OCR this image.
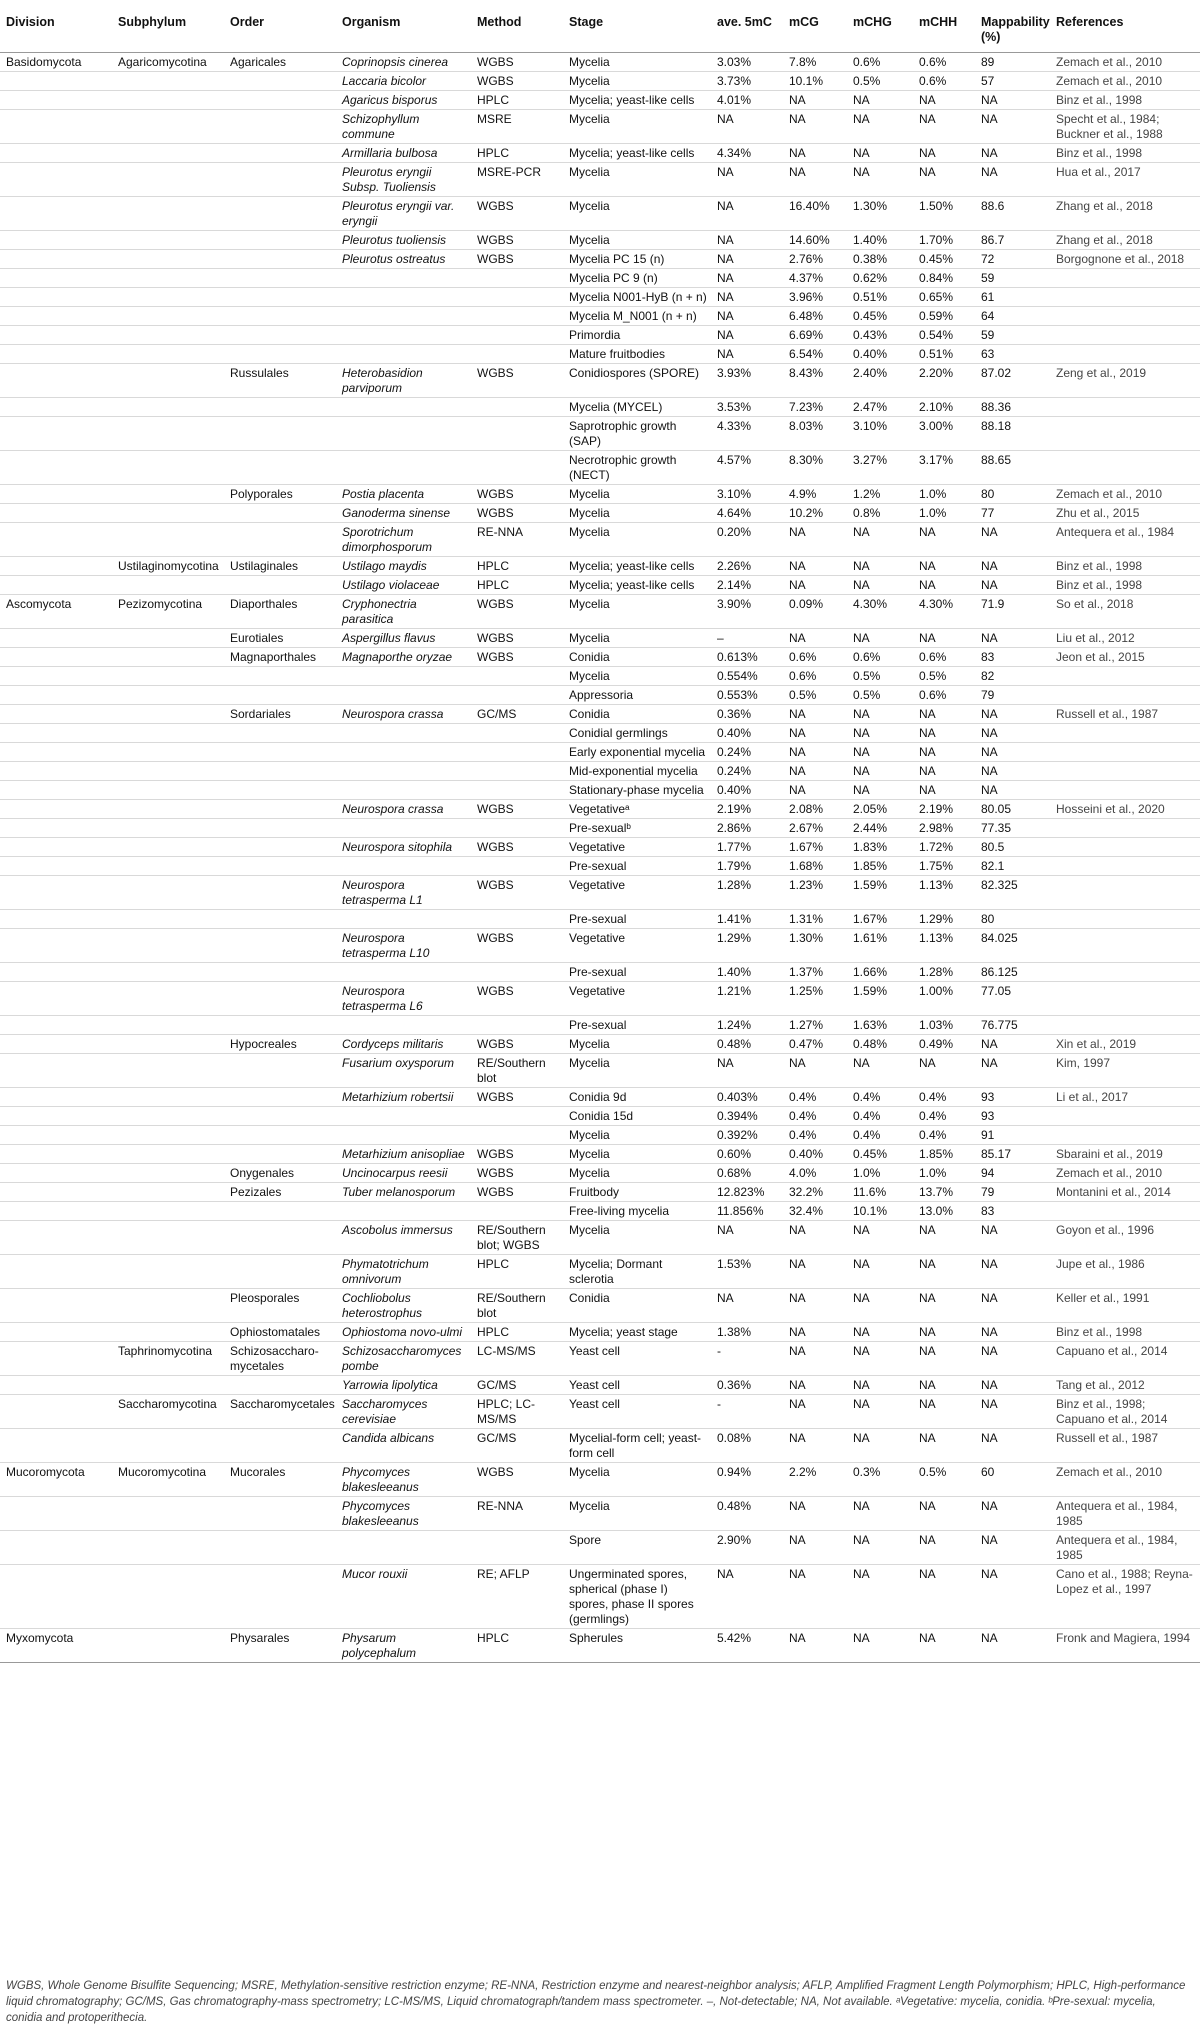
Division	Subphylum	Order	Organism	Method	Stage	ave. 5mC	mCG	mCHG	mCHH	Mappability (%)	References
Basidomycota	Agaricomycotina	Agaricales	Coprinopsis cinerea	WGBS	Mycelia	3.03%	7.8%	0.6%	0.6%	89	Zemach et al., 2010
			Laccaria bicolor	WGBS	Mycelia	3.73%	10.1%	0.5%	0.6%	57	Zemach et al., 2010
			Agaricus bisporus	HPLC	Mycelia; yeast-like cells	4.01%	NA	NA	NA	NA	Binz et al., 1998
			Schizophyllum commune	MSRE	Mycelia	NA	NA	NA	NA	NA	Specht et al., 1984; Buckner et al., 1988
			Armillaria bulbosa	HPLC	Mycelia; yeast-like cells	4.34%	NA	NA	NA	NA	Binz et al., 1998
			Pleurotus eryngii Subsp. Tuoliensis	MSRE-PCR	Mycelia	NA	NA	NA	NA	NA	Hua et al., 2017
			Pleurotus eryngii var. eryngii	WGBS	Mycelia	NA	16.40%	1.30%	1.50%	88.6	Zhang et al., 2018
			Pleurotus tuoliensis	WGBS	Mycelia	NA	14.60%	1.40%	1.70%	86.7	Zhang et al., 2018
			Pleurotus ostreatus	WGBS	Mycelia PC 15 (n)	NA	2.76%	0.38%	0.45%	72	Borgognone et al., 2018
					Mycelia PC 9 (n)	NA	4.37%	0.62%	0.84%	59	
					Mycelia N001-HyB (n + n)	NA	3.96%	0.51%	0.65%	61	
					Mycelia M_N001 (n + n)	NA	6.48%	0.45%	0.59%	64	
					Primordia	NA	6.69%	0.43%	0.54%	59	
					Mature fruitbodies	NA	6.54%	0.40%	0.51%	63	
		Russulales	Heterobasidion parviporum	WGBS	Conidiospores (SPORE)	3.93%	8.43%	2.40%	2.20%	87.02	Zeng et al., 2019
					Mycelia (MYCEL)	3.53%	7.23%	2.47%	2.10%	88.36	
					Saprotrophic growth (SAP)	4.33%	8.03%	3.10%	3.00%	88.18	
					Necrotrophic growth (NECT)	4.57%	8.30%	3.27%	3.17%	88.65	
		Polyporales	Postia placenta	WGBS	Mycelia	3.10%	4.9%	1.2%	1.0%	80	Zemach et al., 2010
			Ganoderma sinense	WGBS	Mycelia	4.64%	10.2%	0.8%	1.0%	77	Zhu et al., 2015
			Sporotrichum dimorphosporum	RE-NNA	Mycelia	0.20%	NA	NA	NA	NA	Antequera et al., 1984
	Ustilaginomycotina	Ustilaginales	Ustilago maydis	HPLC	Mycelia; yeast-like cells	2.26%	NA	NA	NA	NA	Binz et al., 1998
			Ustilago violaceae	HPLC	Mycelia; yeast-like cells	2.14%	NA	NA	NA	NA	Binz et al., 1998
Ascomycota	Pezizomycotina	Diaporthales	Cryphonectria parasitica	WGBS	Mycelia	3.90%	0.09%	4.30%	4.30%	71.9	So et al., 2018
		Eurotiales	Aspergillus flavus	WGBS	Mycelia	–	NA	NA	NA	NA	Liu et al., 2012
		Magnaporthales	Magnaporthe oryzae	WGBS	Conidia	0.613%	0.6%	0.6%	0.6%	83	Jeon et al., 2015
					Mycelia	0.554%	0.6%	0.5%	0.5%	82	
					Appressoria	0.553%	0.5%	0.5%	0.6%	79	
		Sordariales	Neurospora crassa	GC/MS	Conidia	0.36%	NA	NA	NA	NA	Russell et al., 1987
					Conidial germlings	0.40%	NA	NA	NA	NA	
					Early exponential mycelia	0.24%	NA	NA	NA	NA	
					Mid-exponential mycelia	0.24%	NA	NA	NA	NA	
					Stationary-phase mycelia	0.40%	NA	NA	NA	NA	
			Neurospora crassa	WGBS	Vegetativeᵃ	2.19%	2.08%	2.05%	2.19%	80.05	Hosseini et al., 2020
					Pre-sexualᵇ	2.86%	2.67%	2.44%	2.98%	77.35	
			Neurospora sitophila	WGBS	Vegetative	1.77%	1.67%	1.83%	1.72%	80.5	
					Pre-sexual	1.79%	1.68%	1.85%	1.75%	82.1	
			Neurospora tetrasperma L1	WGBS	Vegetative	1.28%	1.23%	1.59%	1.13%	82.325	
					Pre-sexual	1.41%	1.31%	1.67%	1.29%	80	
			Neurospora tetrasperma L10	WGBS	Vegetative	1.29%	1.30%	1.61%	1.13%	84.025	
					Pre-sexual	1.40%	1.37%	1.66%	1.28%	86.125	
			Neurospora tetrasperma L6	WGBS	Vegetative	1.21%	1.25%	1.59%	1.00%	77.05	
					Pre-sexual	1.24%	1.27%	1.63%	1.03%	76.775	
		Hypocreales	Cordyceps militaris	WGBS	Mycelia	0.48%	0.47%	0.48%	0.49%	NA	Xin et al., 2019
			Fusarium oxysporum	RE/Southern blot	Mycelia	NA	NA	NA	NA	NA	Kim, 1997
			Metarhizium robertsii	WGBS	Conidia 9d	0.403%	0.4%	0.4%	0.4%	93	Li et al., 2017
					Conidia 15d	0.394%	0.4%	0.4%	0.4%	93	
					Mycelia	0.392%	0.4%	0.4%	0.4%	91	
			Metarhizium anisopliae	WGBS	Mycelia	0.60%	0.40%	0.45%	1.85%	85.17	Sbaraini et al., 2019
		Onygenales	Uncinocarpus reesii	WGBS	Mycelia	0.68%	4.0%	1.0%	1.0%	94	Zemach et al., 2010
		Pezizales	Tuber melanosporum	WGBS	Fruitbody	12.823%	32.2%	11.6%	13.7%	79	Montanini et al., 2014
					Free-living mycelia	11.856%	32.4%	10.1%	13.0%	83	
			Ascobolus immersus	RE/Southern blot; WGBS	Mycelia	NA	NA	NA	NA	NA	Goyon et al., 1996
			Phymatotrichum omnivorum	HPLC	Mycelia; Dormant sclerotia	1.53%	NA	NA	NA	NA	Jupe et al., 1986
		Pleosporales	Cochliobolus heterostrophus	RE/Southern blot	Conidia	NA	NA	NA	NA	NA	Keller et al., 1991
		Ophiostomatales	Ophiostoma novo-ulmi	HPLC	Mycelia; yeast stage	1.38%	NA	NA	NA	NA	Binz et al., 1998
	Taphrinomycotina	Schizosaccharo-mycetales	Schizosaccharomyces pombe	LC-MS/MS	Yeast cell	-	NA	NA	NA	NA	Capuano et al., 2014
			Yarrowia lipolytica	GC/MS	Yeast cell	0.36%	NA	NA	NA	NA	Tang et al., 2012
	Saccharomycotina	Saccharomycetales	Saccharomyces cerevisiae	HPLC; LC-MS/MS	Yeast cell	-	NA	NA	NA	NA	Binz et al., 1998; Capuano et al., 2014
			Candida albicans	GC/MS	Mycelial-form cell; yeast-form cell	0.08%	NA	NA	NA	NA	Russell et al., 1987
Mucoromycota	Mucoromycotina	Mucorales	Phycomyces blakesleeanus	WGBS	Mycelia	0.94%	2.2%	0.3%	0.5%	60	Zemach et al., 2010
			Phycomyces blakesleeanus	RE-NNA	Mycelia	0.48%	NA	NA	NA	NA	Antequera et al., 1984, 1985
					Spore	2.90%	NA	NA	NA	NA	Antequera et al., 1984, 1985
			Mucor rouxii	RE; AFLP	Ungerminated spores, spherical (phase I) spores, phase II spores (germlings)	NA	NA	NA	NA	NA	Cano et al., 1988; Reyna-Lopez et al., 1997
Myxomycota		Physarales	Physarum polycephalum	HPLC	Spherules	5.42%	NA	NA	NA	NA	Fronk and Magiera, 1994
WGBS, Whole Genome Bisulfite Sequencing; MSRE, Methylation-sensitive restriction enzyme; RE-NNA, Restriction enzyme and nearest-neighbor analysis; AFLP, Amplified Fragment Length Polymorphism; HPLC, High-performance liquid chromatography; GC/MS, Gas chromatography-mass spectrometry; LC-MS/MS, Liquid chromatograph/tandem mass spectrometer. –, Not-detectable; NA, Not available. ᵃVegetative: mycelia, conidia. ᵇPre-sexual: mycelia, conidia and protoperithecia.
